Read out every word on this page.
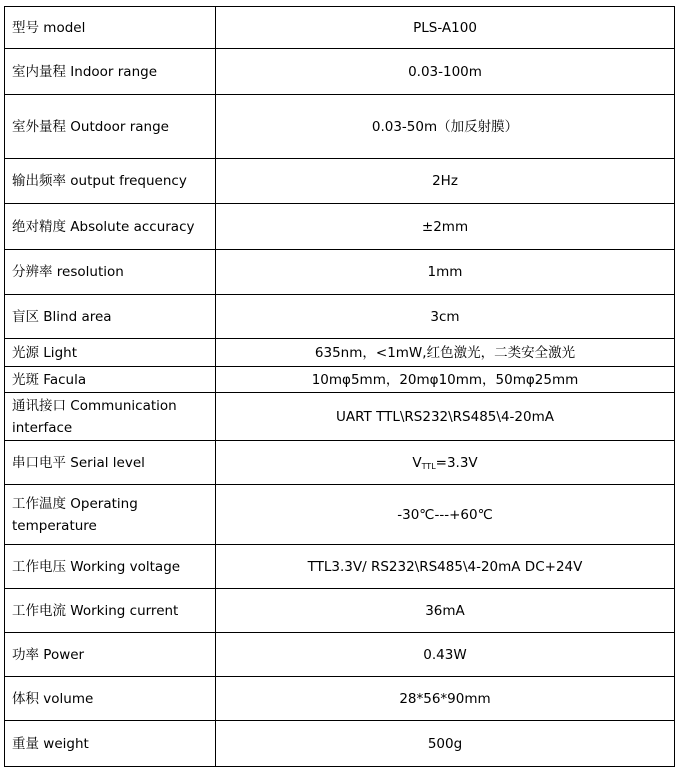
型号 model	PLS-A100
室内量程 Indoor range	0.03-100m
室外量程 Outdoor range	0.03-50m（加反射膜）
输出频率 output frequency	2Hz
绝对精度 Absolute accuracy	±2mm
分辨率 resolution	1mm
盲区 Blind area	3cm
光源 Light	635nm，<1mW,红色激光，二类安全激光
光斑 Facula	10mφ5mm，20mφ10mm，50mφ25mm
通讯接口 Communication interface	UART TTL\RS232\RS485\4-20mA
串口电平 Serial level	$V_{TTL}=3.3V$
工作温度 Operating temperature	-30℃---+60℃
工作电压 Working voltage	TTL3.3V/ RS232\RS485\4-20mA DC+24V
工作电流 Working current	36mA
功率 Power	0.43W
体积 volume	28*56*90mm
重量 weight	500g
